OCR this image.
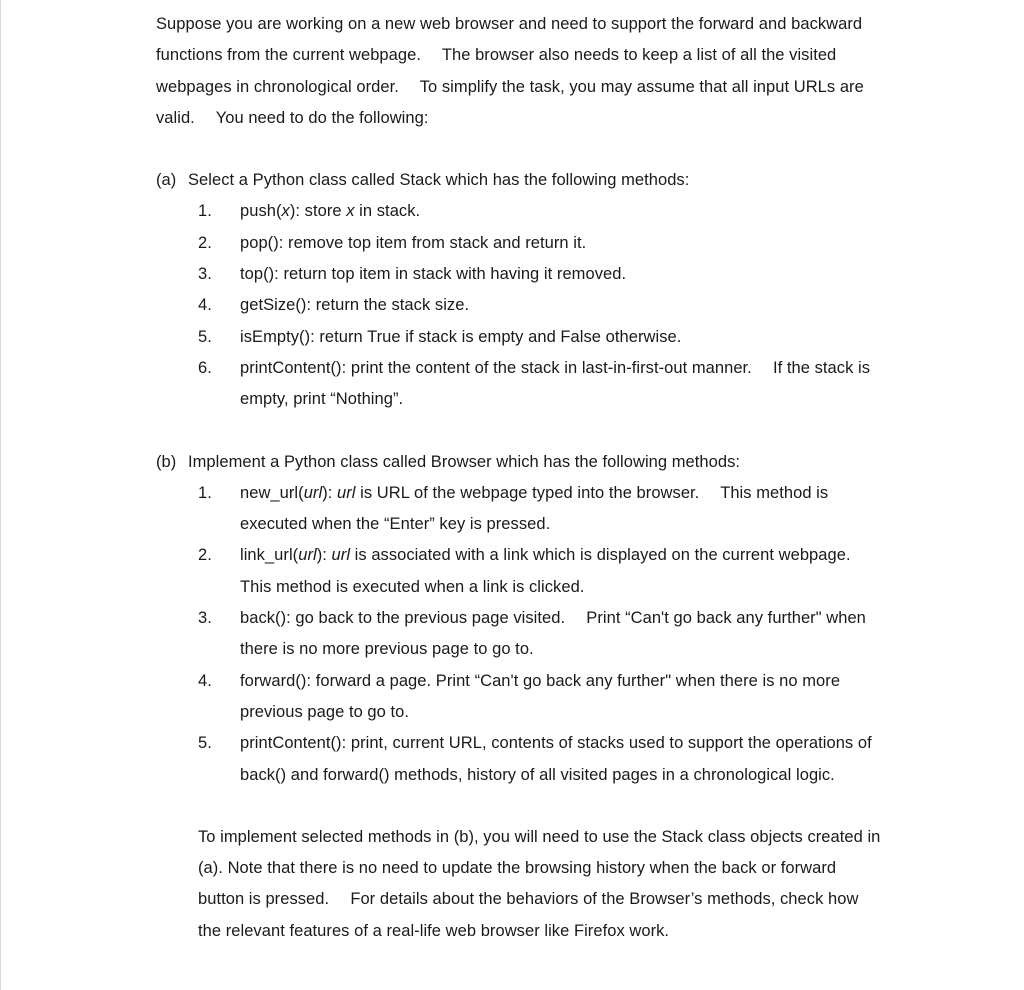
Suppose you are working on a new web browser and need to support the forward and backward functions from the current webpage.  The browser also needs to keep a list of all the visited webpages in chronological order.  To simplify the task, you may assume that all input URLs are valid.  You need to do the following:

(a) Select a Python class called Stack which has the following methods:

1.	push(x): store x in stack.
2.	pop(): remove top item from stack and return it.
3.	top(): return top item in stack with having it removed.
4.	getSize(): return the stack size.
5.	isEmpty(): return True if stack is empty and False otherwise.
6.	printContent(): print the content of the stack in last-in-first-out manner.  If the stack is empty, print “Nothing”.

(b) Implement a Python class called Browser which has the following methods:

1.	new_url(url): url is URL of the webpage typed into the browser.  This method is executed when the “Enter” key is pressed.
2.	link_url(url): url is associated with a link which is displayed on the current webpage.  This method is executed when a link is clicked.
3.	back(): go back to the previous page visited.  Print “Can't go back any further" when there is no more previous page to go to.
4.	forward(): forward a page. Print “Can't go back any further" when there is no more previous page to go to.
5.	printContent(): print, current URL, contents of stacks used to support the operations of back() and forward() methods, history of all visited pages in a chronological logic.

To implement selected methods in (b), you will need to use the Stack class objects created in (a). Note that there is no need to update the browsing history when the back or forward button is pressed.  For details about the behaviors of the Browser’s methods, check how the relevant features of a real-life web browser like Firefox work.
